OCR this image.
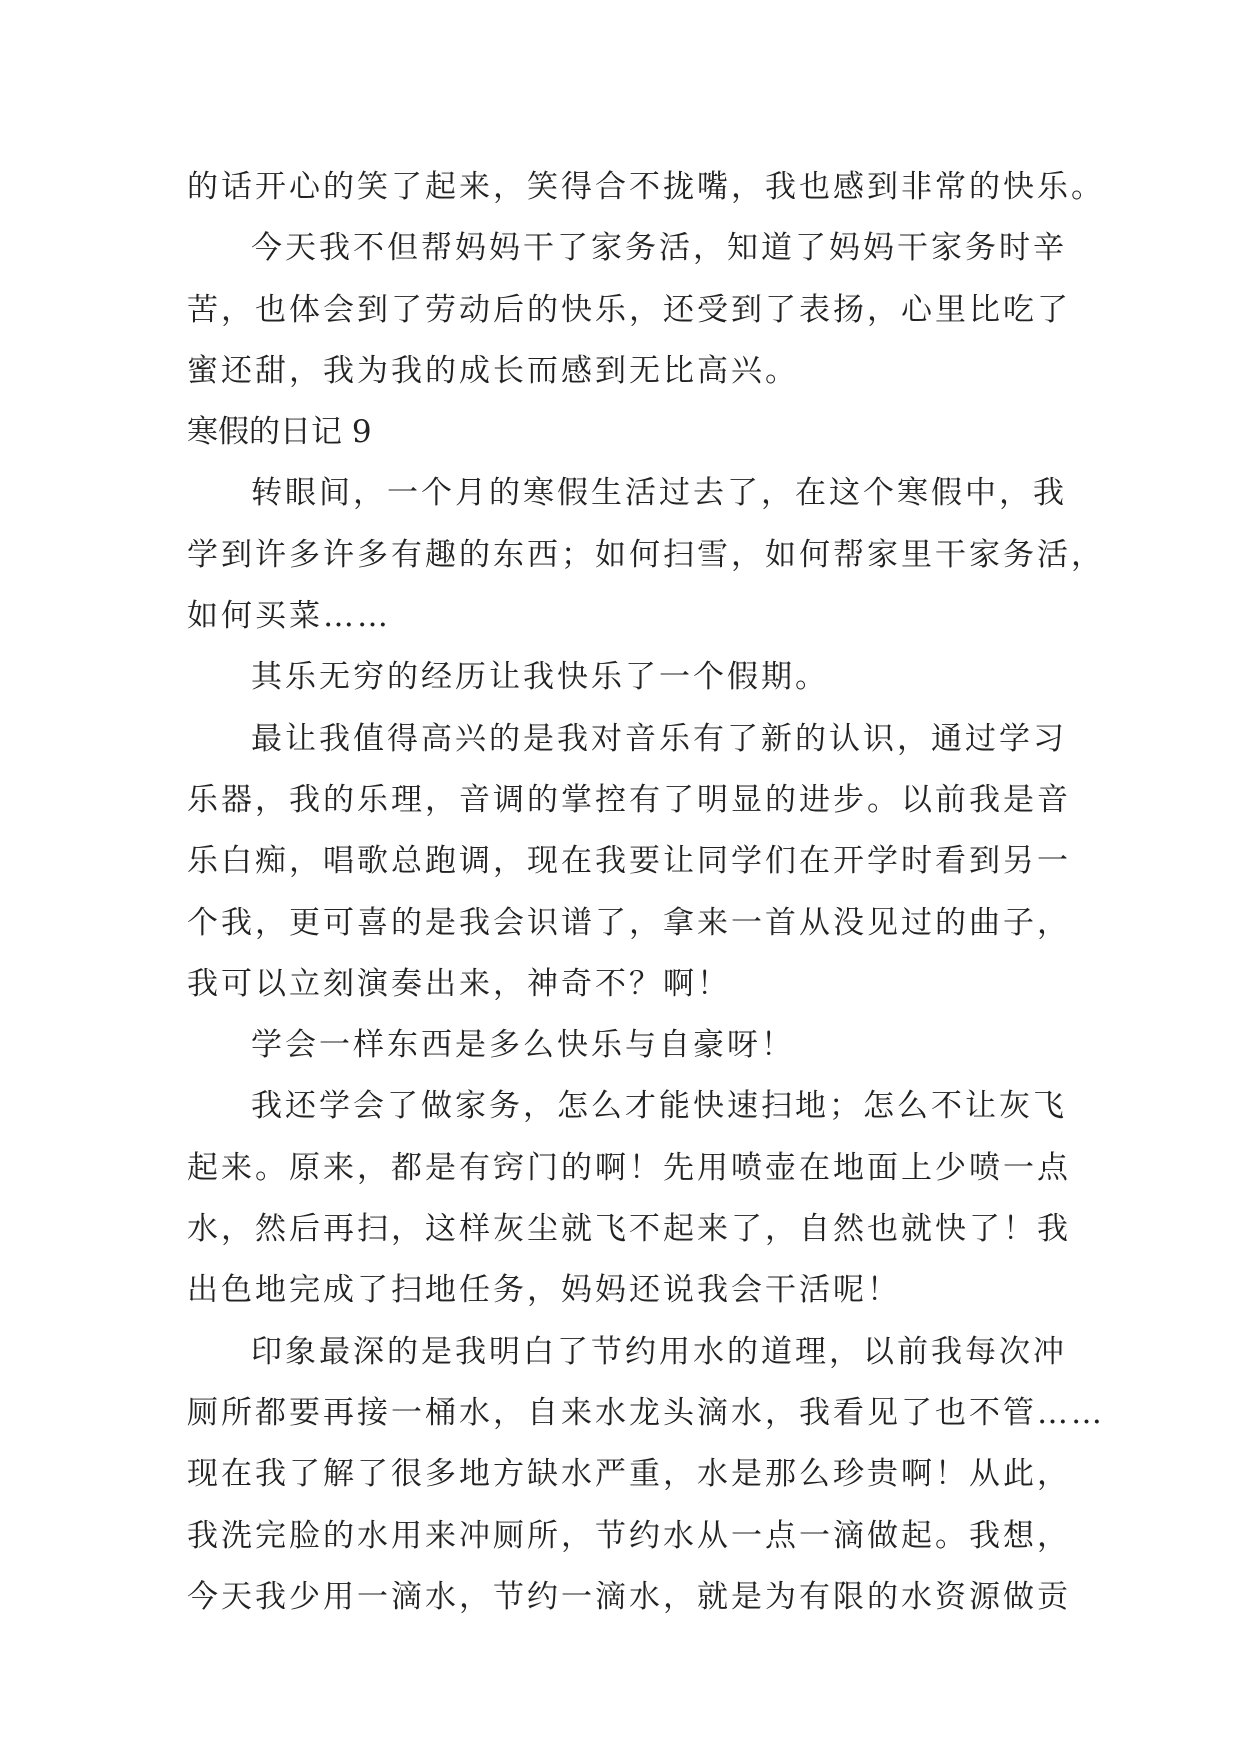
的话开心的笑了起来，笑得合不拢嘴，我也感到非常的快乐。
今天我不但帮妈妈干了家务活，知道了妈妈干家务时辛
苦，也体会到了劳动后的快乐，还受到了表扬，心里比吃了
蜜还甜，我为我的成长而感到无比高兴。
寒假的日记 9
转眼间，一个月的寒假生活过去了，在这个寒假中，我
学到许多许多有趣的东西；如何扫雪，如何帮家里干家务活，
如何买菜……
其乐无穷的经历让我快乐了一个假期。
最让我值得高兴的是我对音乐有了新的认识，通过学习
乐器，我的乐理，音调的掌控有了明显的进步。以前我是音
乐白痴，唱歌总跑调，现在我要让同学们在开学时看到另一
个我，更可喜的是我会识谱了，拿来一首从没见过的曲子，
我可以立刻演奏出来，神奇不？啊！
学会一样东西是多么快乐与自豪呀！
我还学会了做家务，怎么才能快速扫地；怎么不让灰飞
起来。原来，都是有窍门的啊！先用喷壶在地面上少喷一点
水，然后再扫，这样灰尘就飞不起来了，自然也就快了！我
出色地完成了扫地任务，妈妈还说我会干活呢！
印象最深的是我明白了节约用水的道理，以前我每次冲
厕所都要再接一桶水，自来水龙头滴水，我看见了也不管……
现在我了解了很多地方缺水严重，水是那么珍贵啊！从此，
我洗完脸的水用来冲厕所，节约水从一点一滴做起。我想，
今天我少用一滴水，节约一滴水，就是为有限的水资源做贡
